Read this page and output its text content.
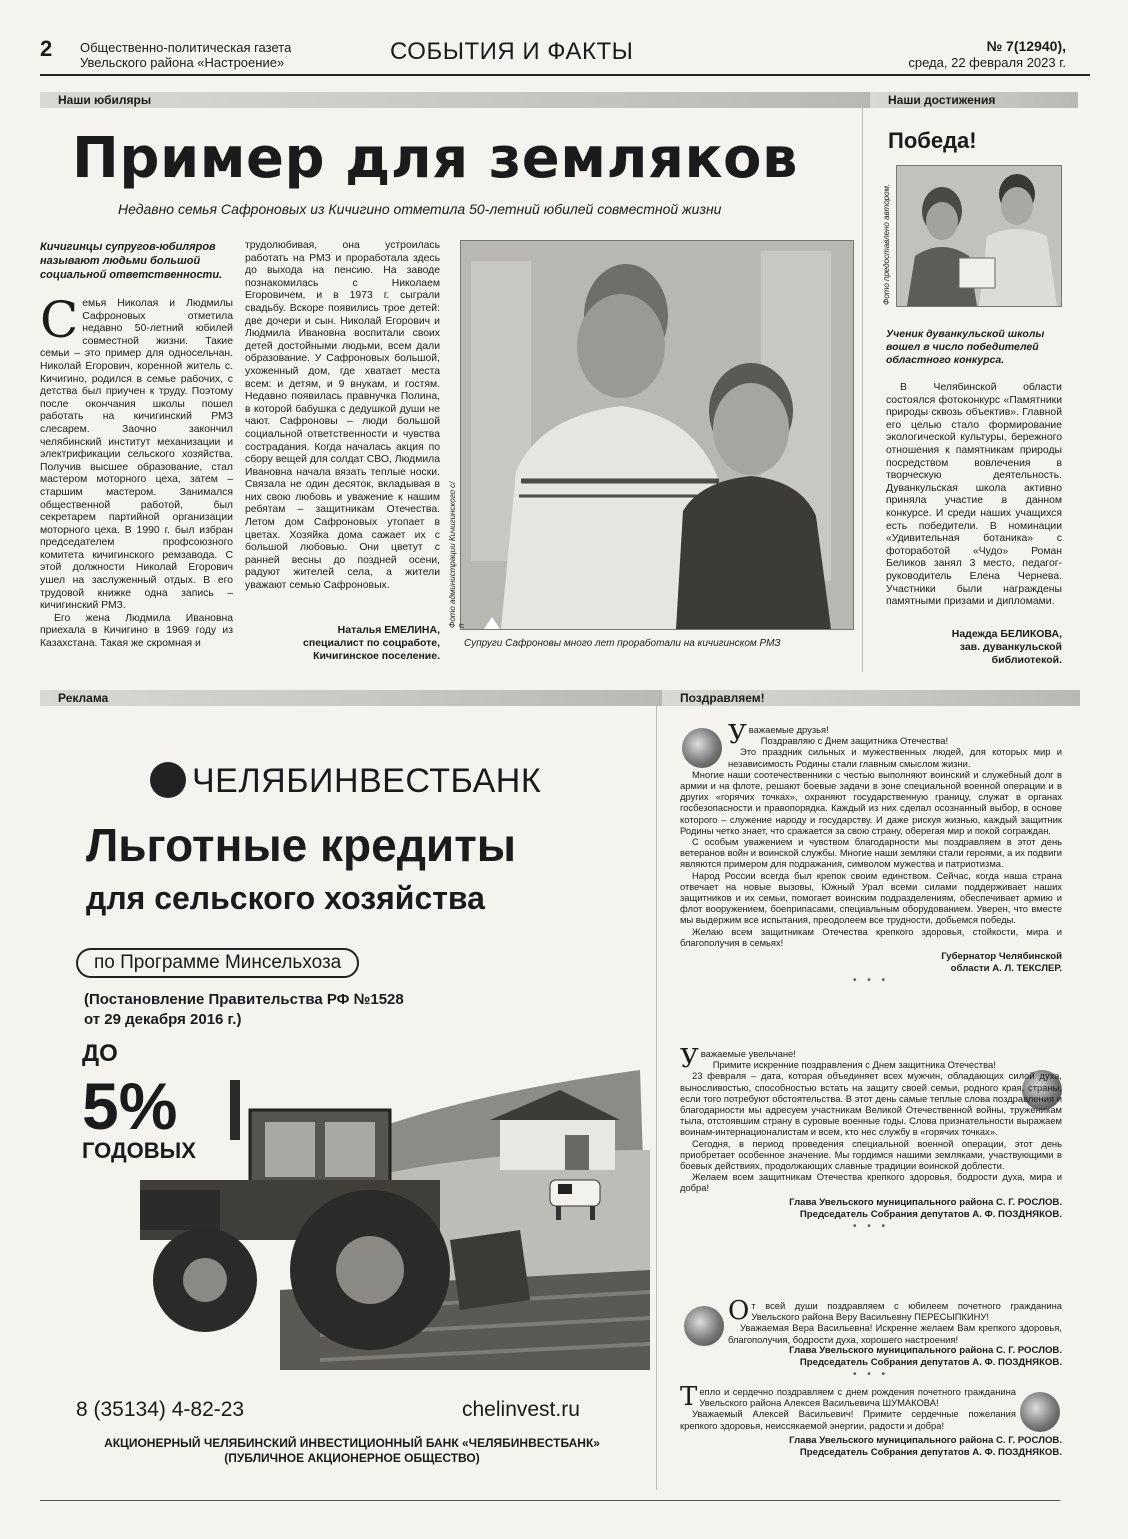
2 Общественно-политическая газета
Увельского района «Настроение»	СОБЫТИЯ И ФАКТЫ	№ 7(12940),
среда, 22 февраля 2023 г.
Наши юбиляры	Наши достижения
Пример для земляков
Недавно семья Сафроновых из Кичигино отметила 50-летний юбилей совместной жизни
Кичигинцы супругов-юбиляров называют людьми большой социальной ответственности.

Семья Николая и Людмилы Сафроновых отметила недавно 50-летний юбилей совместной жизни. Такие семьи – это пример для односельчан. Николай Егорович, коренной житель с. Кичигино, родился в семье рабочих, с детства был приучен к труду. Поэтому после окончания школы пошел работать на кичигинский РМЗ слесарем. Заочно закончил челябинский институт механизации и электрификации сельского хозяйства. Получив высшее образование, стал мастером моторного цеха, затем – старшим мастером. Занимался общественной работой, был секретарем партийной организации моторного цеха. В 1990 г. был избран председателем профсоюзного комитета кичигинского ремзавода. С этой должности Николай Егорович ушел на заслуженный отдых. В его трудовой книжке одна запись – кичигинский РМЗ.

Его жена Людмила Ивановна приехала в Кичигино в 1969 году из Казахстана. Такая же скромная и

трудолюбивая, она устроилась работать на РМЗ и проработала здесь до выхода на пенсию. На заводе познакомилась с Николаем Егоровичем, и в 1973 г. сыграли свадьбу. Вскоре появились трое детей: две дочери и сын. Николай Егорович и Людмила Ивановна воспитали своих детей достойными людьми, всем дали образование. У Сафроновых большой, ухоженный дом, где хватает места всем: и детям, и 9 внукам, и гостям. Недавно появилась правнучка Полина, в которой бабушка с дедушкой души не чают. Сафроновы – люди большой социальной ответственности и чувства сострадания. Когда началась акция по сбору вещей для солдат СВО, Людмила Ивановна начала вязать теплые носки. Связала не один десяток, вкладывая в них свою любовь и уважение к нашим ребятам – защитникам Отечества. Летом дом Сафроновых утопает в цветах. Хозяйка дома сажает их с большой любовью. Они цветут с ранней весны до поздней осени, радуют жителей села, а жители уважают семью Сафроновых.

Наталья ЕМЕЛИНА,
специалист по соцработе,
Кичигинское поселение.
Фото администрации Кичигинского с/п
Супруги Сафроновы много лет проработали на кичигинском РМЗ
Победа!
Фото предоставлено автором.
Ученик дуванкульской школы вошел в число победителей областного конкурса.

В Челябинской области состоялся фотоконкурс «Памятники природы сквозь объектив». Главной его целью стало формирование экологической культуры, бережного отношения к памятникам природы посредством вовлечения в творческую деятельность. Дуванкульская школа активно приняла участие в данном конкурсе. И среди наших учащихся есть победители. В номинации «Удивительная ботаника» с фоторабoтой «Чудо» Роман Беликов занял 3 место, педагог-руководитель Елена Чернева. Участники были награждены памятными призами и дипломами.

Надежда БЕЛИКОВА,
зав. дуванкульской
библиотекой.
Реклама	Поздравляем!
ЧЕЛЯБИНВЕСТБАНК
Льготные кредиты
для сельского хозяйства
по Программе Минсельхоза
(Постановление Правительства РФ №1528
от 29 декабря 2016 г.)
ДО
5%
ГОДОВЫХ
8 (35134) 4-82-23	chelinvest.ru
АКЦИОНЕРНЫЙ ЧЕЛЯБИНСКИЙ ИНВЕСТИЦИОННЫЙ БАНК «ЧЕЛЯБИНВЕСТБАНК»
(ПУБЛИЧНОЕ АКЦИОНЕРНОЕ ОБЩЕСТВО)

Уважаемые друзья!

Поздравляю с Днем защитника Отечества!

Это праздник сильных и мужественных людей, для которых мир и независимость Родины стали главным смыслом жизни.

Многие наши соотечественники с честью выполняют воинский и служебный долг в армии и на флоте, решают боевые задачи в зоне специальной военной операции и в других «горячих точках», охраняют государственную границу, служат в органах госбезопасности и правопорядка. Каждый из них сделал осознанный выбор, в основе которого – служение народу и государству. И даже рискуя жизнью, каждый защитник Родины четко знает, что сражается за свою страну, оберегая мир и покой сограждан.

С особым уважением и чувством благодарности мы поздравляем в этот день ветеранов войн и воинской службы. Многие наши земляки стали героями, а их подвиги являются примером для подражания, символом мужества и патриотизма.

Народ России всегда был крепок своим единством. Сейчас, когда наша страна отвечает на новые вызовы, Южный Урал всеми силами поддерживает наших защитников и их семьи, помогает воинским подразделениям, обеспечивает армию и флот вооружением, боеприпасами, специальным оборудованием. Уверен, что вместе мы выдержим все испытания, преодолеем все трудности, добьемся победы.

Желаю всем защитникам Отечества крепкого здоровья, стойкости, мира и благополучия в семьях!

Губернатор Челябинской
области А. Л. ТЕКСЛЕР.
• • •

Уважаемые увельчане!

Примите искренние поздравления с Днем защитника Отечества!

23 февраля – дата, которая объединяет всех мужчин, обладающих силой духа, выносливостью, способностью встать на защиту своей семьи, родного края, страны, если того потребуют обстоятельства. В этот день самые теплые слова поздравления и благодарности мы адресуем участникам Великой Отечественной войны, труженикам тыла, отстоявшим страну в суровые военные годы. Слова признательности выражаем воинам-интернационалистам и всем, кто нес службу в «горячих точках».

Сегодня, в период проведения специальной военной операции, этот день приобретает особенное значение. Мы гордимся нашими земляками, участвующими в боевых действиях, продолжающих славные традиции воинской доблести.

Желаем всем защитникам Отечества крепкого здоровья, бодрости духа, мира и добра!

Глава Увельского муниципального района С. Г. РОСЛОВ.
Председатель Собрания депутатов А. Ф. ПОЗДНЯКОВ.
• • •

От всей души поздравляем с юбилеем почетного гражданина Увельского района Веру Васильевну ПЕРЕСЫПКИНУ!

Уважаемая Вера Васильевна! Искренне желаем Вам крепкого здоровья, благополучия, бодрости духа, хорошего настроения!

Глава Увельского муниципального района С. Г. РОСЛОВ.
Председатель Собрания депутатов А. Ф. ПОЗДНЯКОВ.
• • •

Тепло и сердечно поздравляем с днем рождения почетного гражданина Увельского района Алексея Васильевича ШУМАКОВА!

Уважаемый Алексей Васильевич! Примите сердечные пожелания крепкого здоровья, неиссякаемой энергии, радости и добра!

Глава Увельского муниципального района С. Г. РОСЛОВ.
Председатель Собрания депутатов А. Ф. ПОЗДНЯКОВ.
